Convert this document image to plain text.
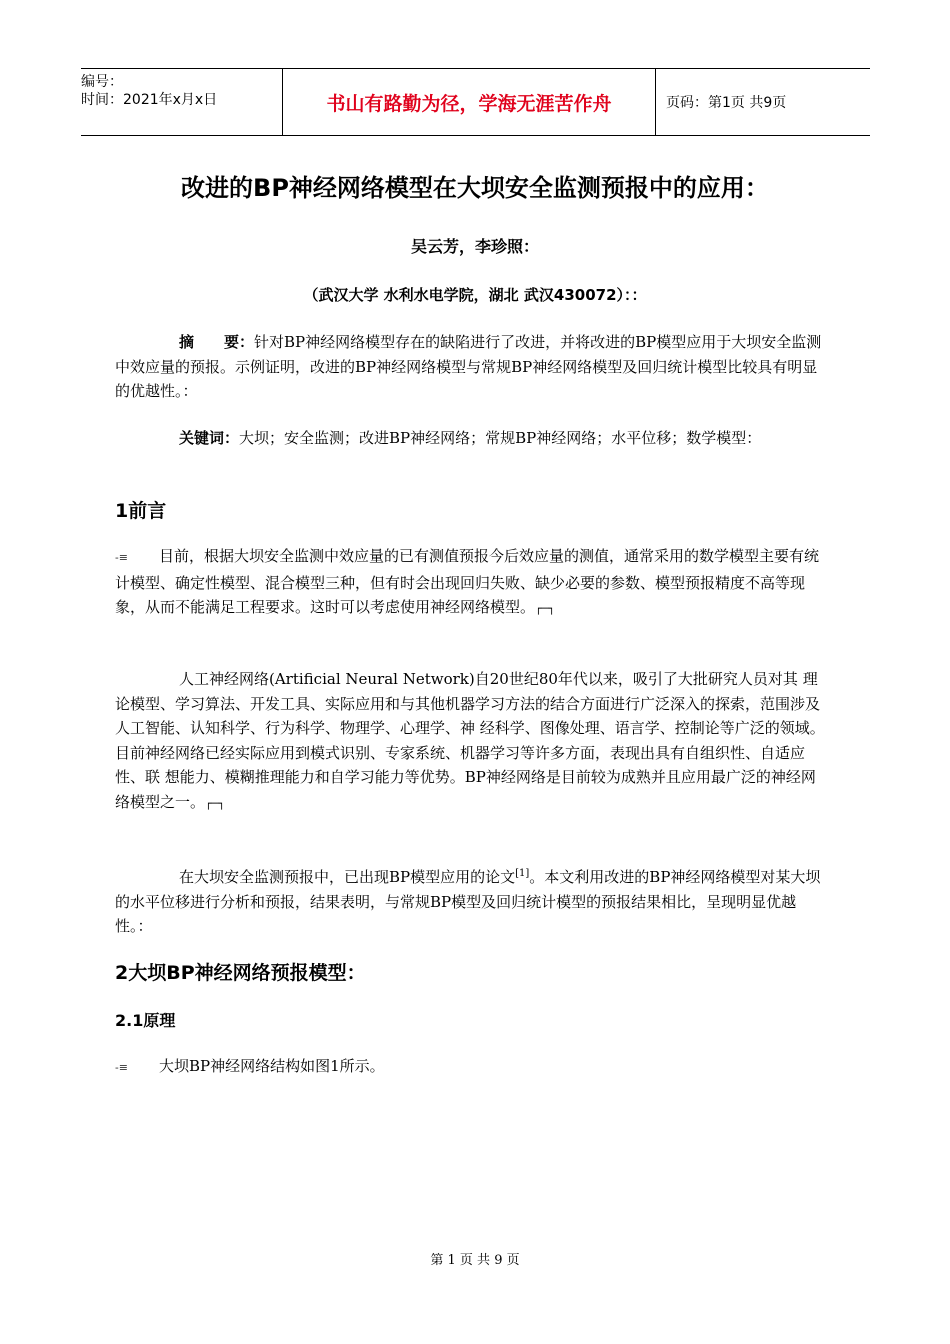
编号：
时间：2021年x月x日	书山有路勤为径，学海无涯苦作舟	页码：第1页 共9页
改进的BP神经网络模型在大坝安全监测预报中的应用：
吴云芳，李珍照：
（武汉大学 水利水电学院，湖北 武汉430072）：：
摘　　要：针对BP神经网络模型存在的缺陷进行了改进，并将改进的BP模型应用于大坝安全监测中效应量的预报。示例证明，改进的BP神经网络模型与常规BP神经网络模型及回归统计模型比较具有明显的优越性。：
关键词：大坝；安全监测；改进BP神经网络；常规BP神经网络；水平位移；数学模型：
1前言
-≡ 目前，根据大坝安全监测中效应量的已有测值预报今后效应量的测值，通常采用的数学模型主要有统计模型、确定性模型、混合模型三种，但有时会出现回归失败、缺少必要的参数、模型预报精度不高等现象，从而不能满足工程要求。这时可以考虑使用神经网络模型。┌─┐
人工神经网络(Artificial Neural Network)自20世纪80年代以来，吸引了大批研究人员对其 理论模型、学习算法、开发工具、实际应用和与其他机器学习方法的结合方面进行广泛深入的探索，范围涉及人工智能、认知科学、行为科学、物理学、心理学、神 经科学、图像处理、语言学、控制论等广泛的领域。目前神经网络已经实际应用到模式识别、专家系统、机器学习等许多方面，表现出具有自组织性、自适应性、联 想能力、模糊推理能力和自学习能力等优势。BP神经网络是目前较为成熟并且应用最广泛的神经网络模型之一。┌─┐
在大坝安全监测预报中，已出现BP模型应用的论文[1]。本文利用改进的BP神经网络模型对某大坝的水平位移进行分析和预报，结果表明，与常规BP模型及回归统计模型的预报结果相比，呈现明显优越性。：
2大坝BP神经网络预报模型：
2.1原理
-≡ 大坝BP神经网络结构如图1所示。
第 1 页 共 9 页
